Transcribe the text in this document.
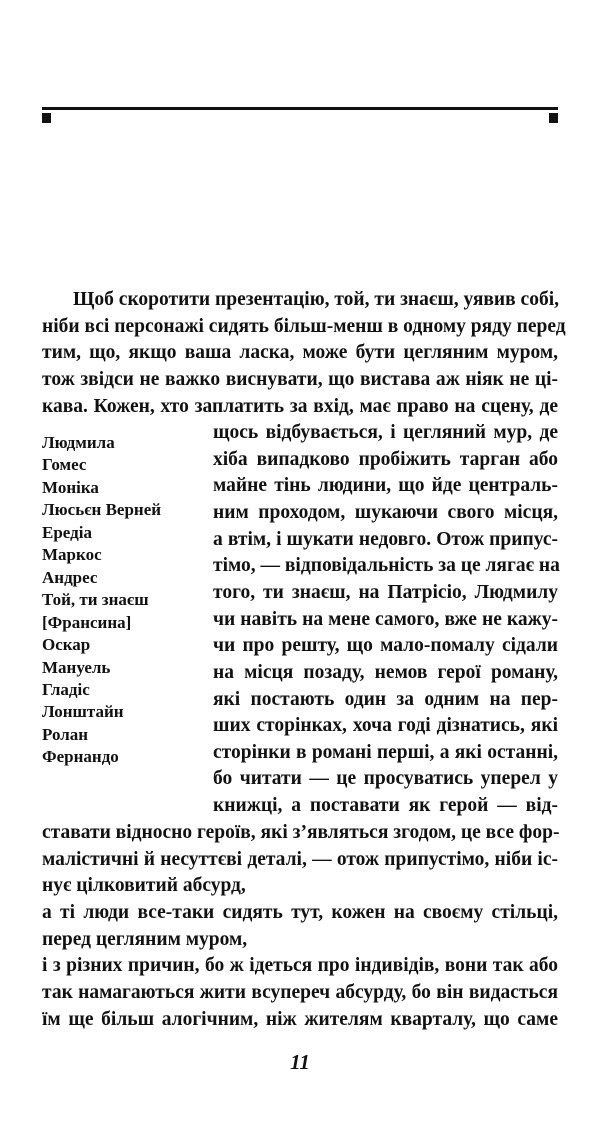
Щоб скоротити презентацію, той, ти знаєш, уявив собі,
ніби всі персонажі сидять більш-менш в одному ряду перед
тим, що, якщо ваша ласка, може бути цегляним муром,
тож звідси не важко виснувати, що вистава аж ніяк не ці-
кава. Кожен, хто заплатить за вхід, має право на сцену, де
щось відбувається, і цегляний мур, де
хіба випадково пробіжить тарган або
майне тінь людини, що йде централь-
ним проходом, шукаючи свого місця,
а втім, і шукати недовго. Отож припус-
тімо, — відповідальність за це лягає на
того, ти знаєш, на Патрісіо, Людмилу
чи навіть на мене самого, вже не кажу-
чи про решту, що мало-помалу сідали
на місця позаду, немов герої роману,
які постають один за одним на пер-
ших сторінках, хоча годі дізнатись, які
сторінки в романі перші, а які останні,
бо читати — це просуватись уперел у
книжці, а поставати як герой — від-
Людмила
Гомес
Моніка
Люсьєн Верней
Ередіа
Маркос
Андрес
Той, ти знаєш
[Франсина]
Оскар
Мануель
Гладіс
Лонштайн
Ролан
Фернандо
ставати відносно героїв, які з’являться згодом, це все фор-
малістичні й несуттєві деталі, — отож припустімо, ніби іс-
нує цілковитий абсурд,
а ті люди все-таки сидять тут, кожен на своєму стільці,
перед цегляним муром,
і з різних причин, бо ж ідеться про індивідів, вони так або
так намагаються жити всупереч абсурду, бо він видасться
їм ще більш алогічним, ніж жителям кварталу, що саме
11
